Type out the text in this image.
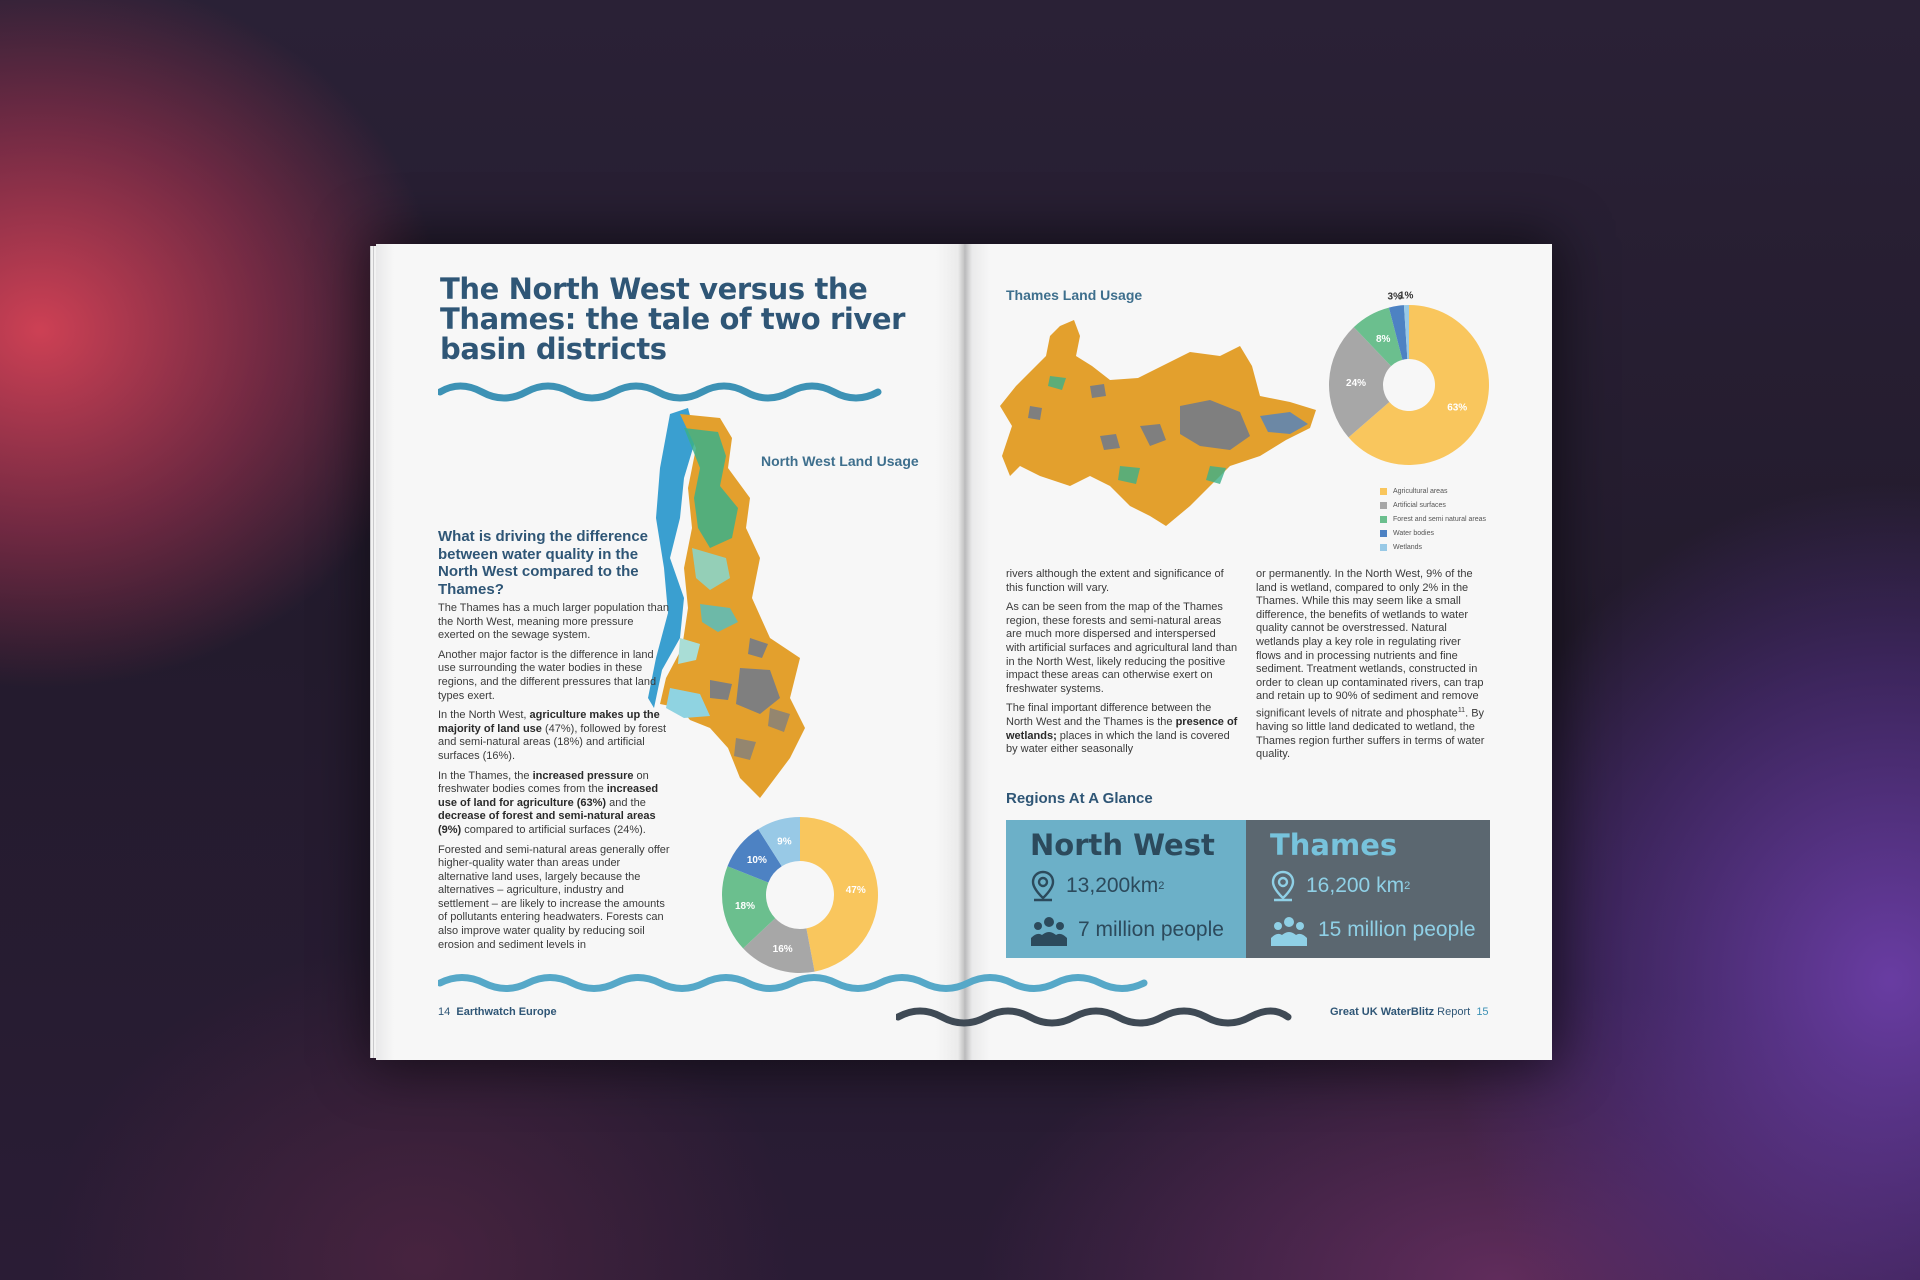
The North West versus the Thames: the tale of two river basin districts
North West Land Usage
What is driving the difference between water quality in the North West compared to the Thames?

The Thames has a much larger population than the North West, meaning more pressure exerted on the sewage system.

Another major factor is the difference in land use surrounding the water bodies in these regions, and the different pressures that land types exert.

In the North West, agriculture makes up the majority of land use (47%), followed by forest and semi-natural areas (18%) and artificial surfaces (16%).

In the Thames, the increased pressure on freshwater bodies comes from the increased use of land for agriculture (63%) and the decrease of forest and semi-natural areas (9%) compared to artificial surfaces (24%).

Forested and semi-natural areas generally offer higher-quality water than areas under alternative land uses, largely because the alternatives – agriculture, industry and settlement – are likely to increase the amounts of pollutants entering headwaters. Forests can also improve water quality by reducing soil erosion and sediment levels in

47%
16%
18%
10%
9%
63%
24%
8%
3%
1%
14 Earthwatch Europe
Thames Land Usage
Agricultural areas
Artificial surfaces
Forest and semi natural areas
Water bodies
Wetlands

rivers although the extent and significance of this function will vary.

As can be seen from the map of the Thames region, these forests and semi-natural areas are much more dispersed and interspersed with artificial surfaces and agricultural land than in the North West, likely reducing the positive impact these areas can otherwise exert on freshwater systems.

The final important difference between the North West and the Thames is the presence of wetlands; places in which the land is covered by water either seasonally

or permanently. In the North West, 9% of the land is wetland, compared to only 2% in the Thames. While this may seem like a small difference, the benefits of wetlands to water quality cannot be overstressed. Natural wetlands play a key role in regulating river flows and in processing nutrients and fine sediment. Treatment wetlands, constructed in order to clean up contaminated rivers, can trap and retain up to 90% of sediment and remove significant levels of nitrate and phosphate$^{11}$. By having so little land dedicated to wetland, the Thames region further suffers in terms of water quality.

Regions At A Glance
North West
13,200km 2
7 million people
Thames
16,200 km 2
15 million people
Great UK WaterBlitz Report 15
